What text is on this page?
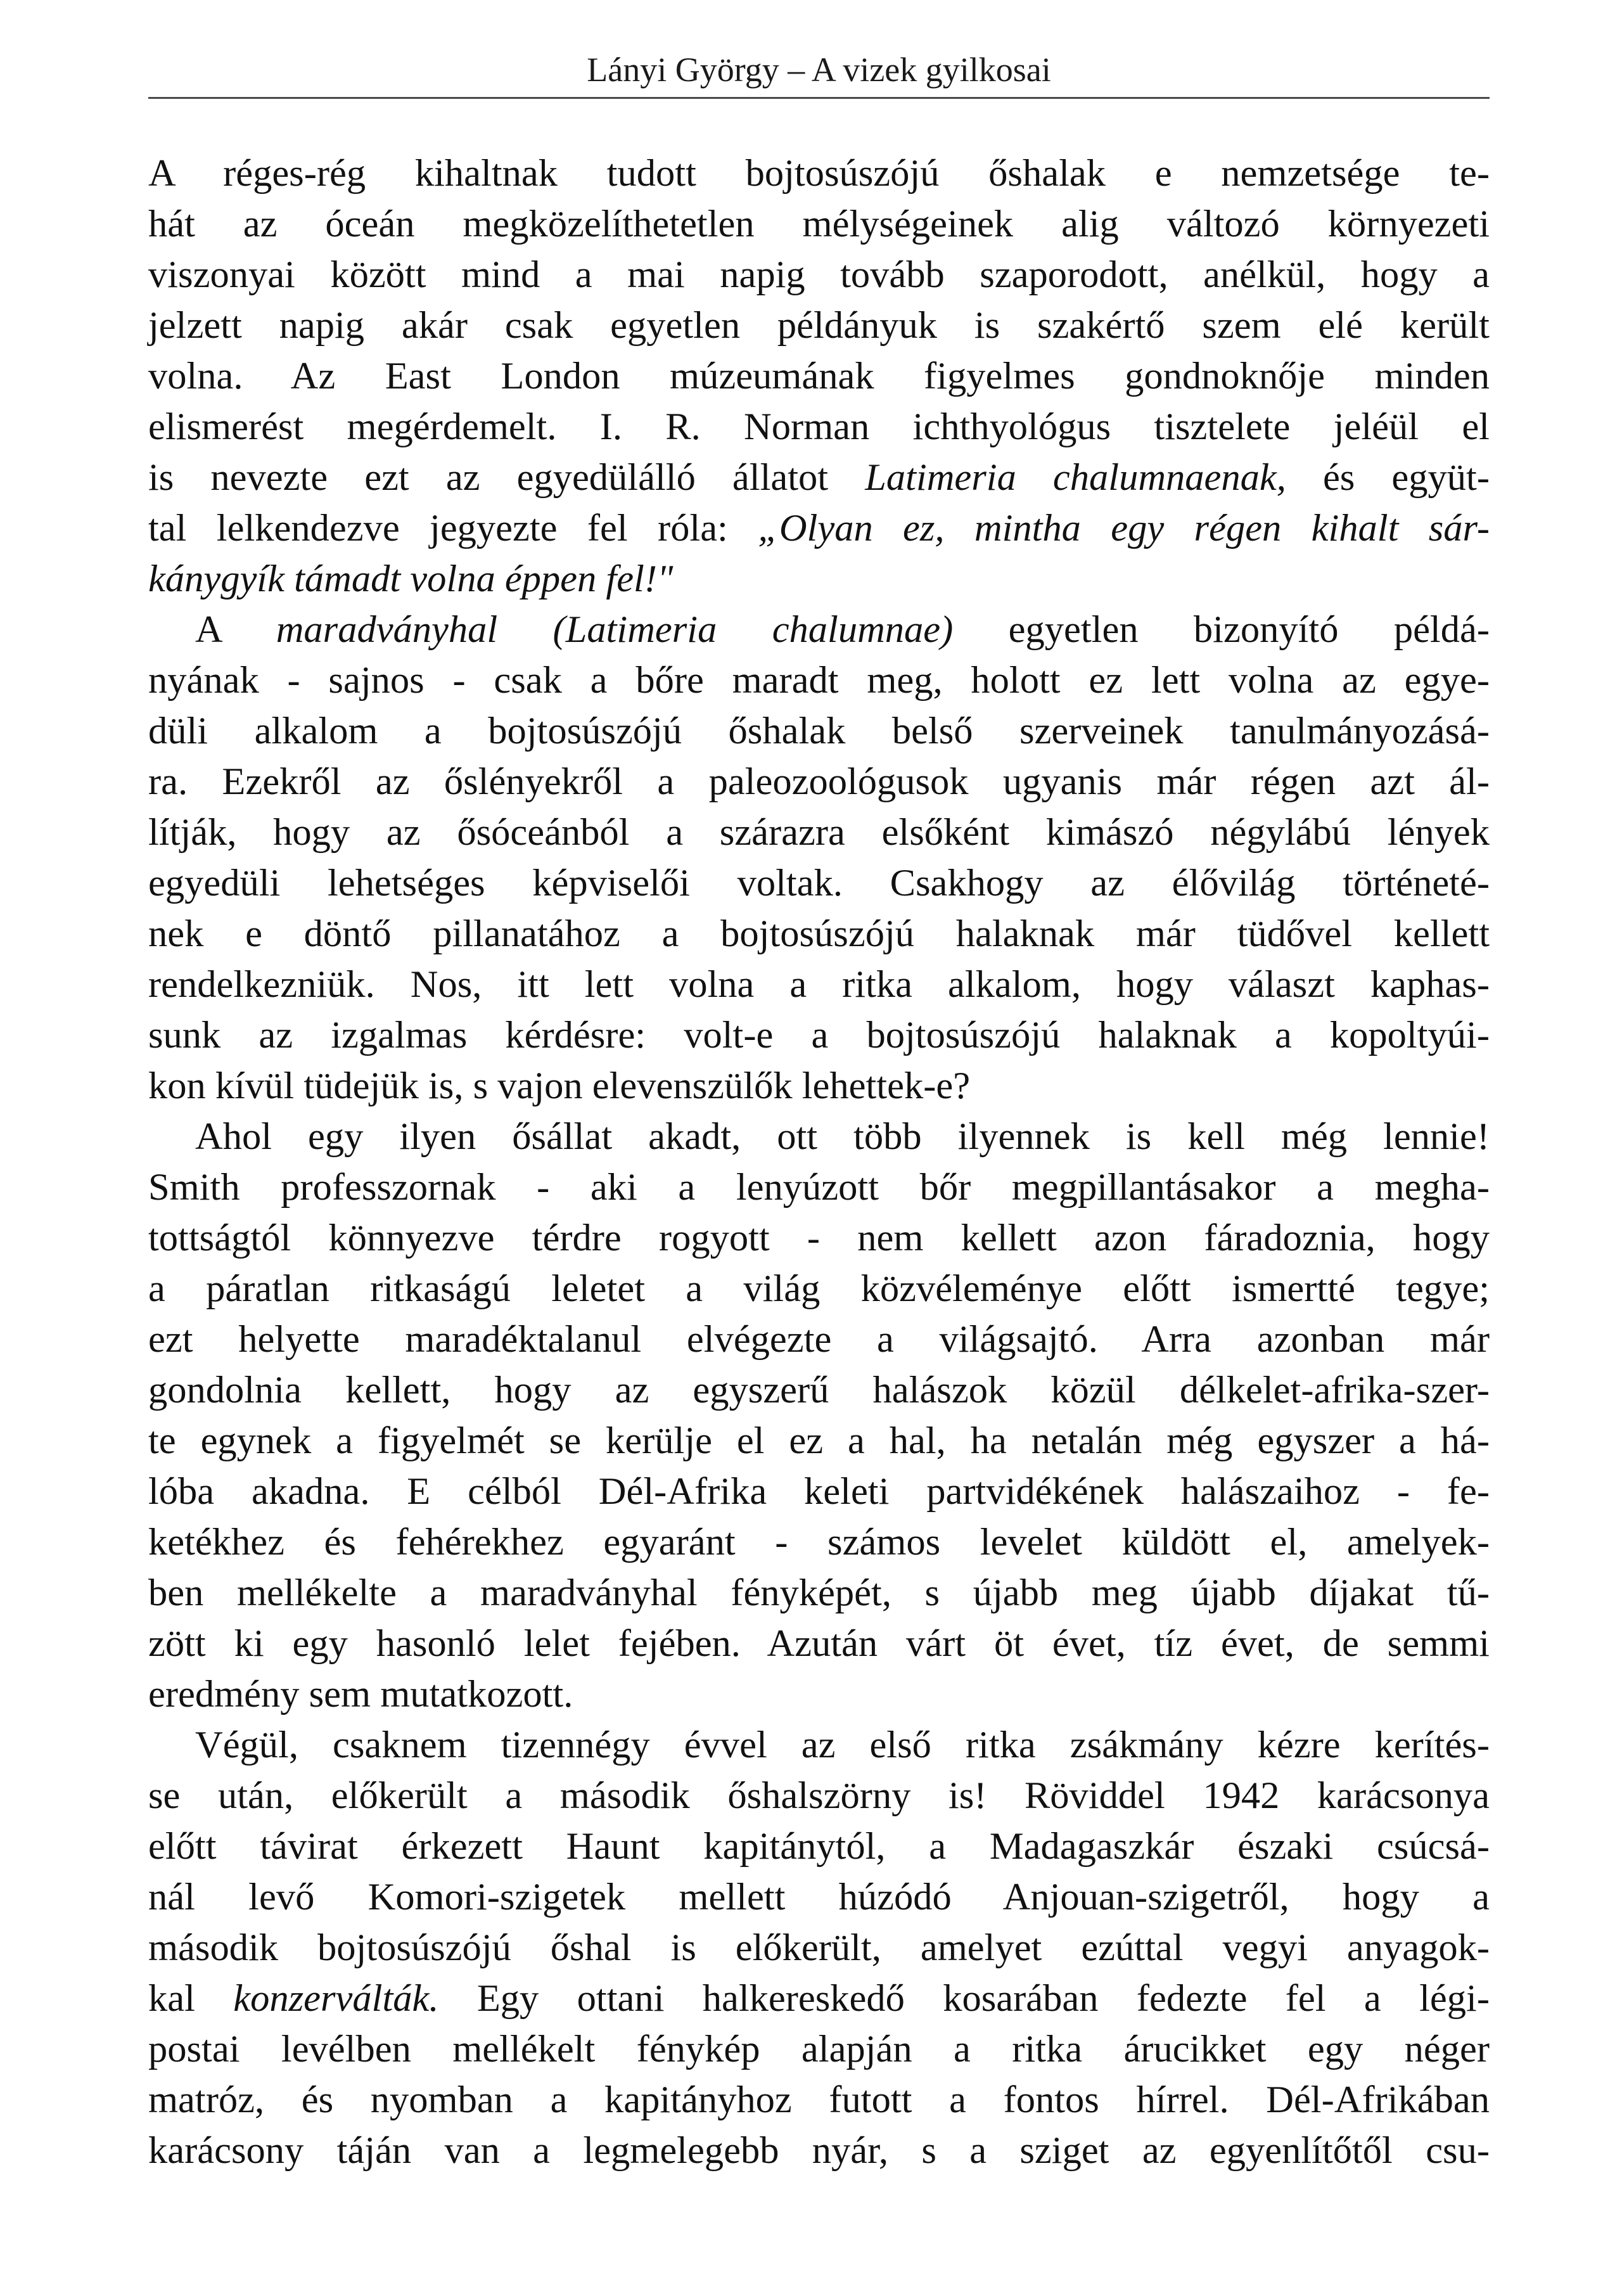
Lányi György – A vizek gyilkosai
A réges-rég kihaltnak tudott bojtosúszójú őshalak e nemzetsége te-
hát az óceán megközelíthetetlen mélységeinek alig változó környezeti
viszonyai között mind a mai napig tovább szaporodott, anélkül, hogy a
jelzett napig akár csak egyetlen példányuk is szakértő szem elé került
volna. Az East London múzeumának figyelmes gondnoknője minden
elismerést megérdemelt. I. R. Norman ichthyológus tisztelete jeléül el
is nevezte ezt az egyedülálló állatot Latimeria chalumnaenak, és együt-
tal lelkendezve jegyezte fel róla: „Olyan ez, mintha egy régen kihalt sár-
kánygyík támadt volna éppen fel!"
A maradványhal (Latimeria chalumnae) egyetlen bizonyító példá-
nyának - sajnos - csak a bőre maradt meg, holott ez lett volna az egye-
düli alkalom a bojtosúszójú őshalak belső szerveinek tanulmányozásá-
ra. Ezekről az őslényekről a paleozoológusok ugyanis már régen azt ál-
lítják, hogy az ősóceánból a szárazra elsőként kimászó négylábú lények
egyedüli lehetséges képviselői voltak. Csakhogy az élővilág történeté-
nek e döntő pillanatához a bojtosúszójú halaknak már tüdővel kellett
rendelkezniük. Nos, itt lett volna a ritka alkalom, hogy választ kaphas-
sunk az izgalmas kérdésre: volt-e a bojtosúszójú halaknak a kopoltyúi-
kon kívül tüdejük is, s vajon elevenszülők lehettek-e?
Ahol egy ilyen ősállat akadt, ott több ilyennek is kell még lennie!
Smith professzornak - aki a lenyúzott bőr megpillantásakor a megha-
tottságtól könnyezve térdre rogyott - nem kellett azon fáradoznia, hogy
a páratlan ritkaságú leletet a világ közvéleménye előtt ismertté tegye;
ezt helyette maradéktalanul elvégezte a világsajtó. Arra azonban már
gondolnia kellett, hogy az egyszerű halászok közül délkelet-afrika-szer-
te egynek a figyelmét se kerülje el ez a hal, ha netalán még egyszer a há-
lóba akadna. E célból Dél-Afrika keleti partvidékének halászaihoz - fe-
ketékhez és fehérekhez egyaránt - számos levelet küldött el, amelyek-
ben mellékelte a maradványhal fényképét, s újabb meg újabb díjakat tű-
zött ki egy hasonló lelet fejében. Azután várt öt évet, tíz évet, de semmi
eredmény sem mutatkozott.
Végül, csaknem tizennégy évvel az első ritka zsákmány kézre kerítés-
se után, előkerült a második őshalszörny is! Röviddel 1942 karácsonya
előtt távirat érkezett Haunt kapitánytól, a Madagaszkár északi csúcsá-
nál levő Komori-szigetek mellett húzódó Anjouan-szigetről, hogy a
második bojtosúszójú őshal is előkerült, amelyet ezúttal vegyi anyagok-
kal konzerválták. Egy ottani halkereskedő kosarában fedezte fel a légi-
postai levélben mellékelt fénykép alapján a ritka árucikket egy néger
matróz, és nyomban a kapitányhoz futott a fontos hírrel. Dél-Afrikában
karácsony táján van a legmelegebb nyár, s a sziget az egyenlítőtől csu-
